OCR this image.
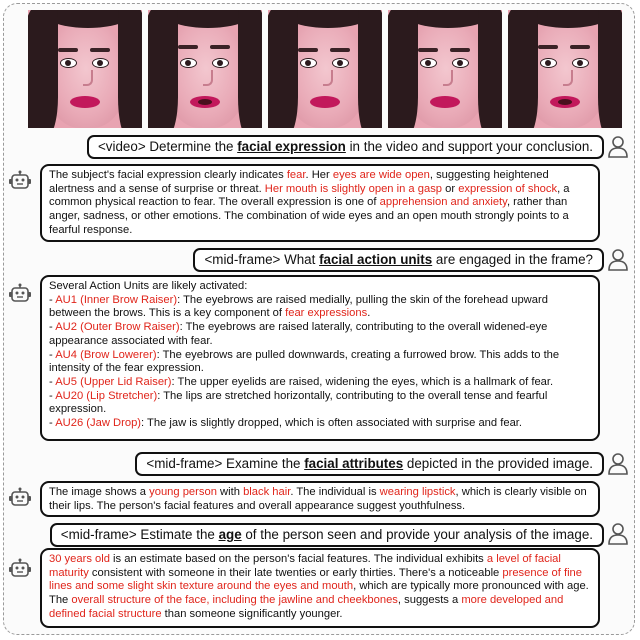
<video> Determine the facial expression in the video and support your conclusion.
The subject's facial expression clearly indicates fear. Her eyes are wide open, suggesting heightened alertness and a sense of surprise or threat. Her mouth is slightly open in a gasp or expression of shock, a common physical reaction to fear. The overall expression is one of apprehension and anxiety, rather than anger, sadness, or other emotions. The combination of wide eyes and an open mouth strongly points to a fearful response.
<mid-frame> What facial action units are engaged in the frame?
Several Action Units are likely activated:
- AU1 (Inner Brow Raiser): The eyebrows are raised medially, pulling the skin of the forehead upward between the brows. This is a key component of fear expressions.
- AU2 (Outer Brow Raiser): The eyebrows are raised laterally, contributing to the overall widened-eye appearance associated with fear.
- AU4 (Brow Lowerer): The eyebrows are pulled downwards, creating a furrowed brow. This adds to the intensity of the fear expression.
- AU5 (Upper Lid Raiser): The upper eyelids are raised, widening the eyes, which is a hallmark of fear.
- AU20 (Lip Stretcher): The lips are stretched horizontally, contributing to the overall tense and fearful expression.
- AU26 (Jaw Drop): The jaw is slightly dropped, which is often associated with surprise and fear.
<mid-frame> Examine the facial attributes depicted in the provided image.
The image shows a young person with black hair. The individual is wearing lipstick, which is clearly visible on their lips. The person's facial features and overall appearance suggest youthfulness.
<mid-frame> Estimate the age of the person seen and provide your analysis of the image.
30 years old is an estimate based on the person's facial features. The individual exhibits a level of facial maturity consistent with someone in their late twenties or early thirties. There's a noticeable presence of fine lines and some slight skin texture around the eyes and mouth, which are typically more pronounced with age. The overall structure of the face, including the jawline and cheekbones, suggests a more developed and defined facial structure than someone significantly younger.
